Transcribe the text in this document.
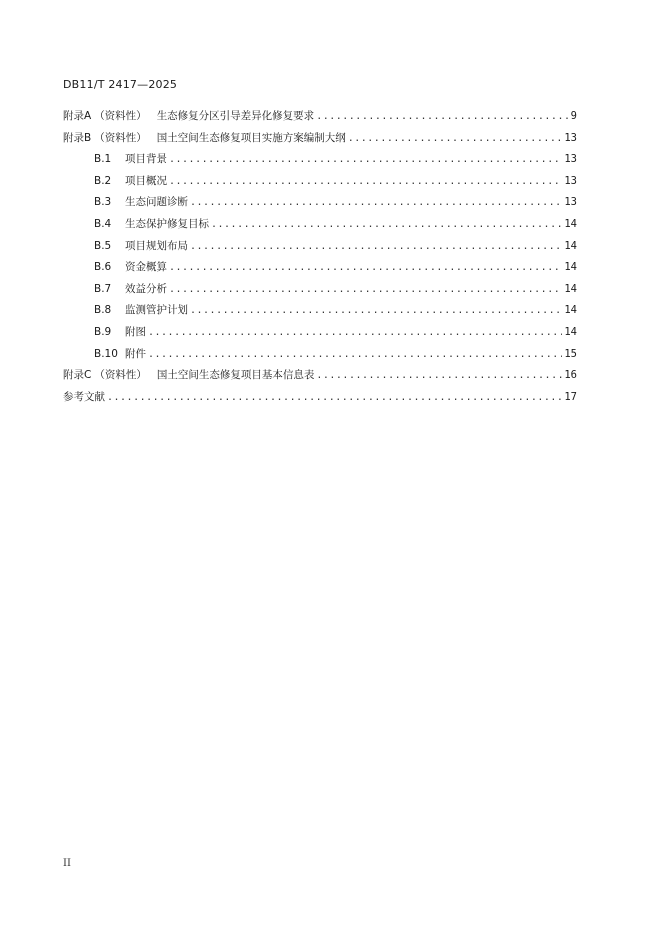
DB11/T 2417—2025
附录A （资料性） 生态修复分区引导差异化修复要求 .....	9
附录B （资料性） 国土空间生态修复项目实施方案编制大纲 .....	13
B.1	项目背景 .....	13
B.2	项目概况 .....	13
B.3	生态问题诊断 .....	13
B.4	生态保护修复目标 .....	14
B.5	项目规划布局 .....	14
B.6	资金概算 .....	14
B.7	效益分析 .....	14
B.8	监测管护计划 .....	14
B.9	附图 .....	14
B.10 附件 .....	15
附录C （资料性） 国土空间生态修复项目基本信息表 .....	16
参考文献 .....	17
II
